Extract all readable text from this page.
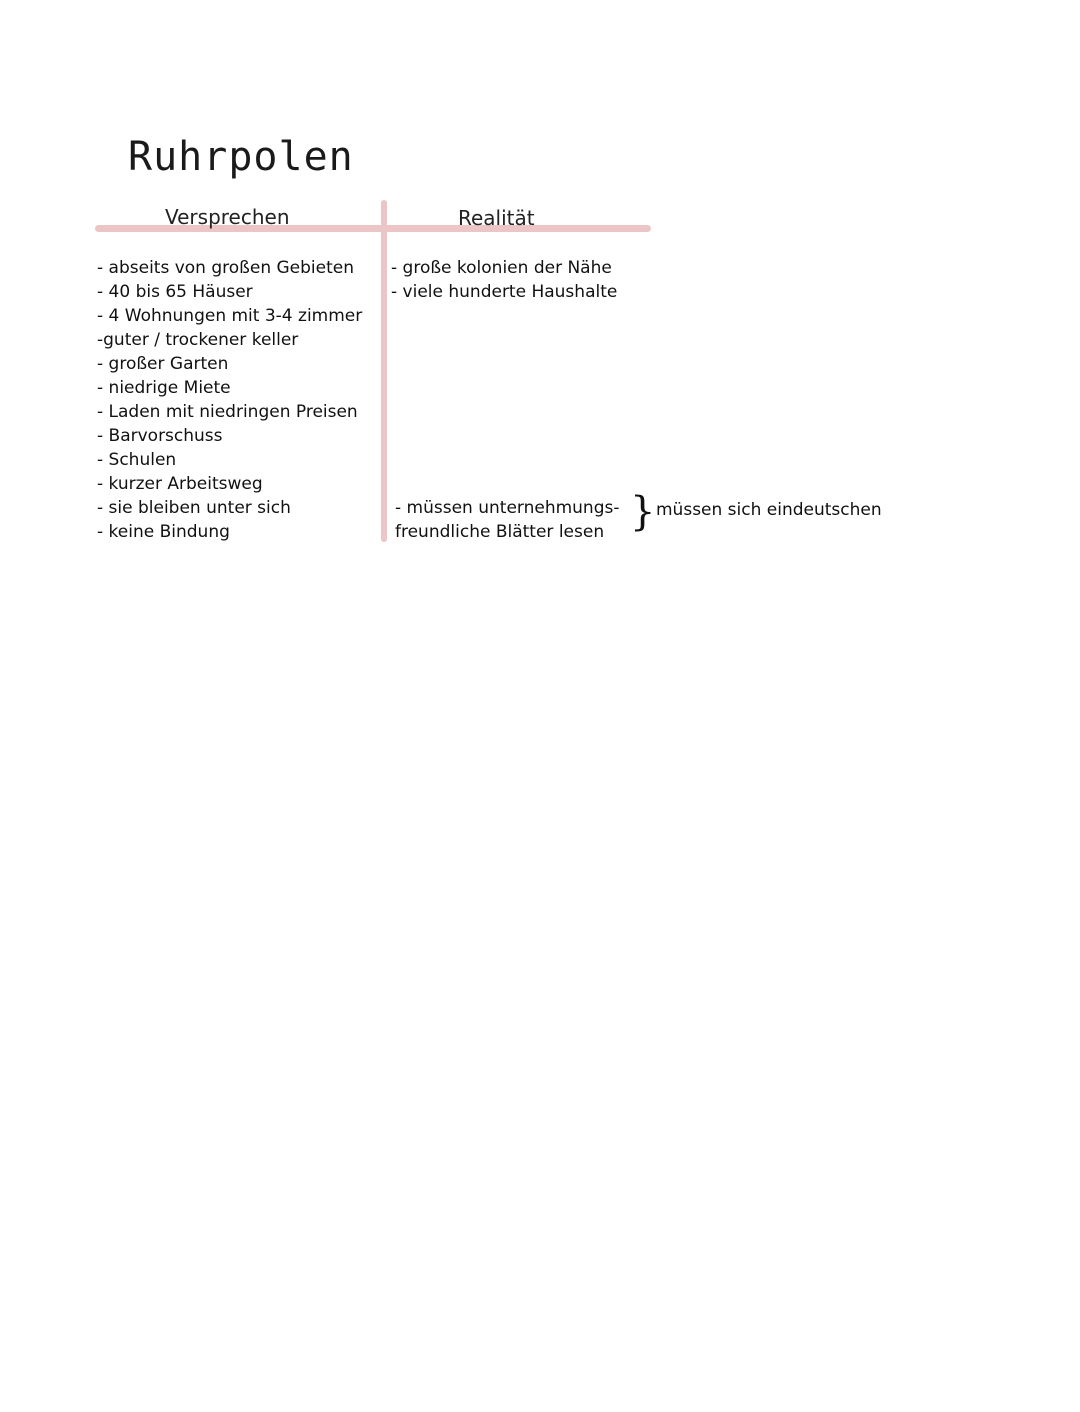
Ruhrpolen
Versprechen	Realität
- abseits von großen Gebieten
- 40 bis 65 Häuser
- 4 Wohnungen mit 3-4 zimmer
-guter / trockener keller
- großer Garten
- niedrige Miete
- Laden mit niedringen Preisen
- Barvorschuss
- Schulen
- kurzer Arbeitsweg
- sie bleiben unter sich
- keine Bindung
- große kolonien der Nähe
- viele hunderte Haushalte
- müssen unternehmungs-
freundliche Blätter lesen } müssen sich eindeutschen
